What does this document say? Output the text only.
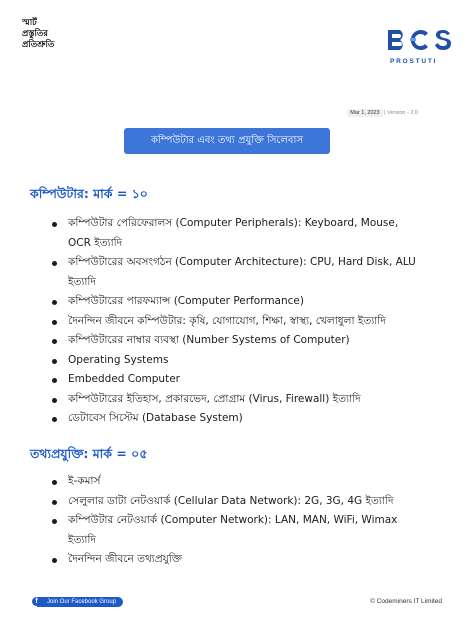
স্মার্ট
প্রস্তুতির
প্রতিশ্রুতি
PROSTUTI
Mar 1, 2023 | Version - 2.0
কম্পিউটার এবং তথ্য প্রযুক্তি সিলেবাস
কম্পিউটার: মার্ক = ১০
কম্পিউটার পেরিফেরালস (Computer Peripherals): Keyboard, Mouse, OCR ইত্যাদি
কম্পিউটারের অবসংগঠন (Computer Architecture): CPU, Hard Disk, ALU ইত্যাদি
কম্পিউটারের পারফম্যান্স (Computer Performance)
দৈনন্দিন জীবনে কম্পিউটার: কৃষি, যোগাযোগ, শিক্ষা, স্বাস্থ্য, খেলাধুলা ইত্যাদি
কম্পিউটারের নাম্বার ব্যবস্থা (Number Systems of Computer)
Operating Systems
Embedded Computer
কম্পিউটারের ইতিহাস, প্রকারভেদ, প্রোগ্রাম (Virus, Firewall) ইত্যাদি
ডেটাবেস সিস্টেম (Database System)
তথ্যপ্রযুক্তি: মার্ক = ০৫
ই-কমার্স
সেলুলার ডাটা নেটওয়ার্ক (Cellular Data Network): 2G, 3G, 4G ইত্যাদি
কম্পিউটার নেটওয়ার্ক (Computer Network): LAN, MAN, WiFi, Wimax ইত্যাদি
দৈনন্দিন জীবনে তথ্যপ্রযুক্তি
f	Join Our Facebook Group	© Codeminers IT Limited
